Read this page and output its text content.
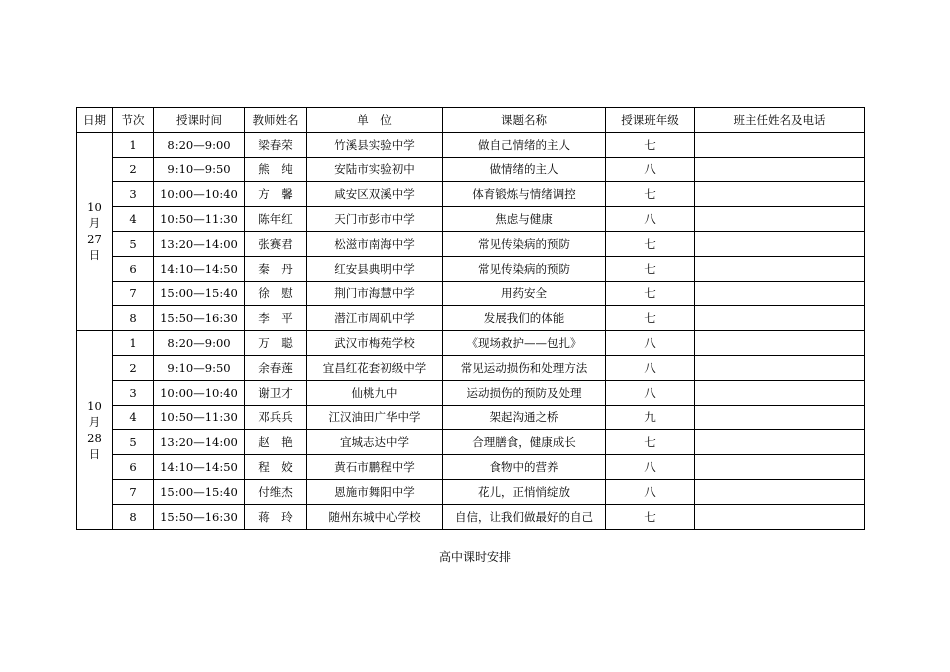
日期	节次	授课时间	教师姓名	单　位	课题名称	授课班年级	班主任姓名及电话

10
月
27
日	1	8:20—9:00	梁春荣	竹溪县实验中学	做自己情绪的主人	七	
	2	9:10—9:50	熊　纯	安陆市实验初中	做情绪的主人	八	
	3	10:00—10:40	方　馨	咸安区双溪中学	体育锻炼与情绪调控	七	
	4	10:50—11:30	陈年红	天门市彭市中学	焦虑与健康	八	
	5	13:20—14:00	张赛君	松滋市南海中学	常见传染病的预防	七	
	6	14:10—14:50	秦　丹	红安县典明中学	常见传染病的预防	七	
	7	15:00—15:40	徐　慰	荆门市海慧中学	用药安全	七	
	8	15:50—16:30	李　平	潜江市周矶中学	发展我们的体能	七	

10
月
28
日	1	8:20—9:00	万　聪	武汉市梅苑学校	《现场救护——包扎》	八	
	2	9:10—9:50	余春莲	宜昌红花套初级中学	常见运动损伤和处理方法	八	
	3	10:00—10:40	谢卫才	仙桃九中	运动损伤的预防及处理	八	
	4	10:50—11:30	邓兵兵	江汉油田广华中学	架起沟通之桥	九	
	5	13:20—14:00	赵　艳	宜城志达中学	合理膳食，健康成长	七	
	6	14:10—14:50	程　姣	黄石市鹏程中学	食物中的营养	八	
	7	15:00—15:40	付维杰	恩施市舞阳中学	花儿，正悄悄绽放	八	
	8	15:50—16:30	蒋　玲	随州东城中心学校	自信，让我们做最好的自己	七	
高中课时安排
